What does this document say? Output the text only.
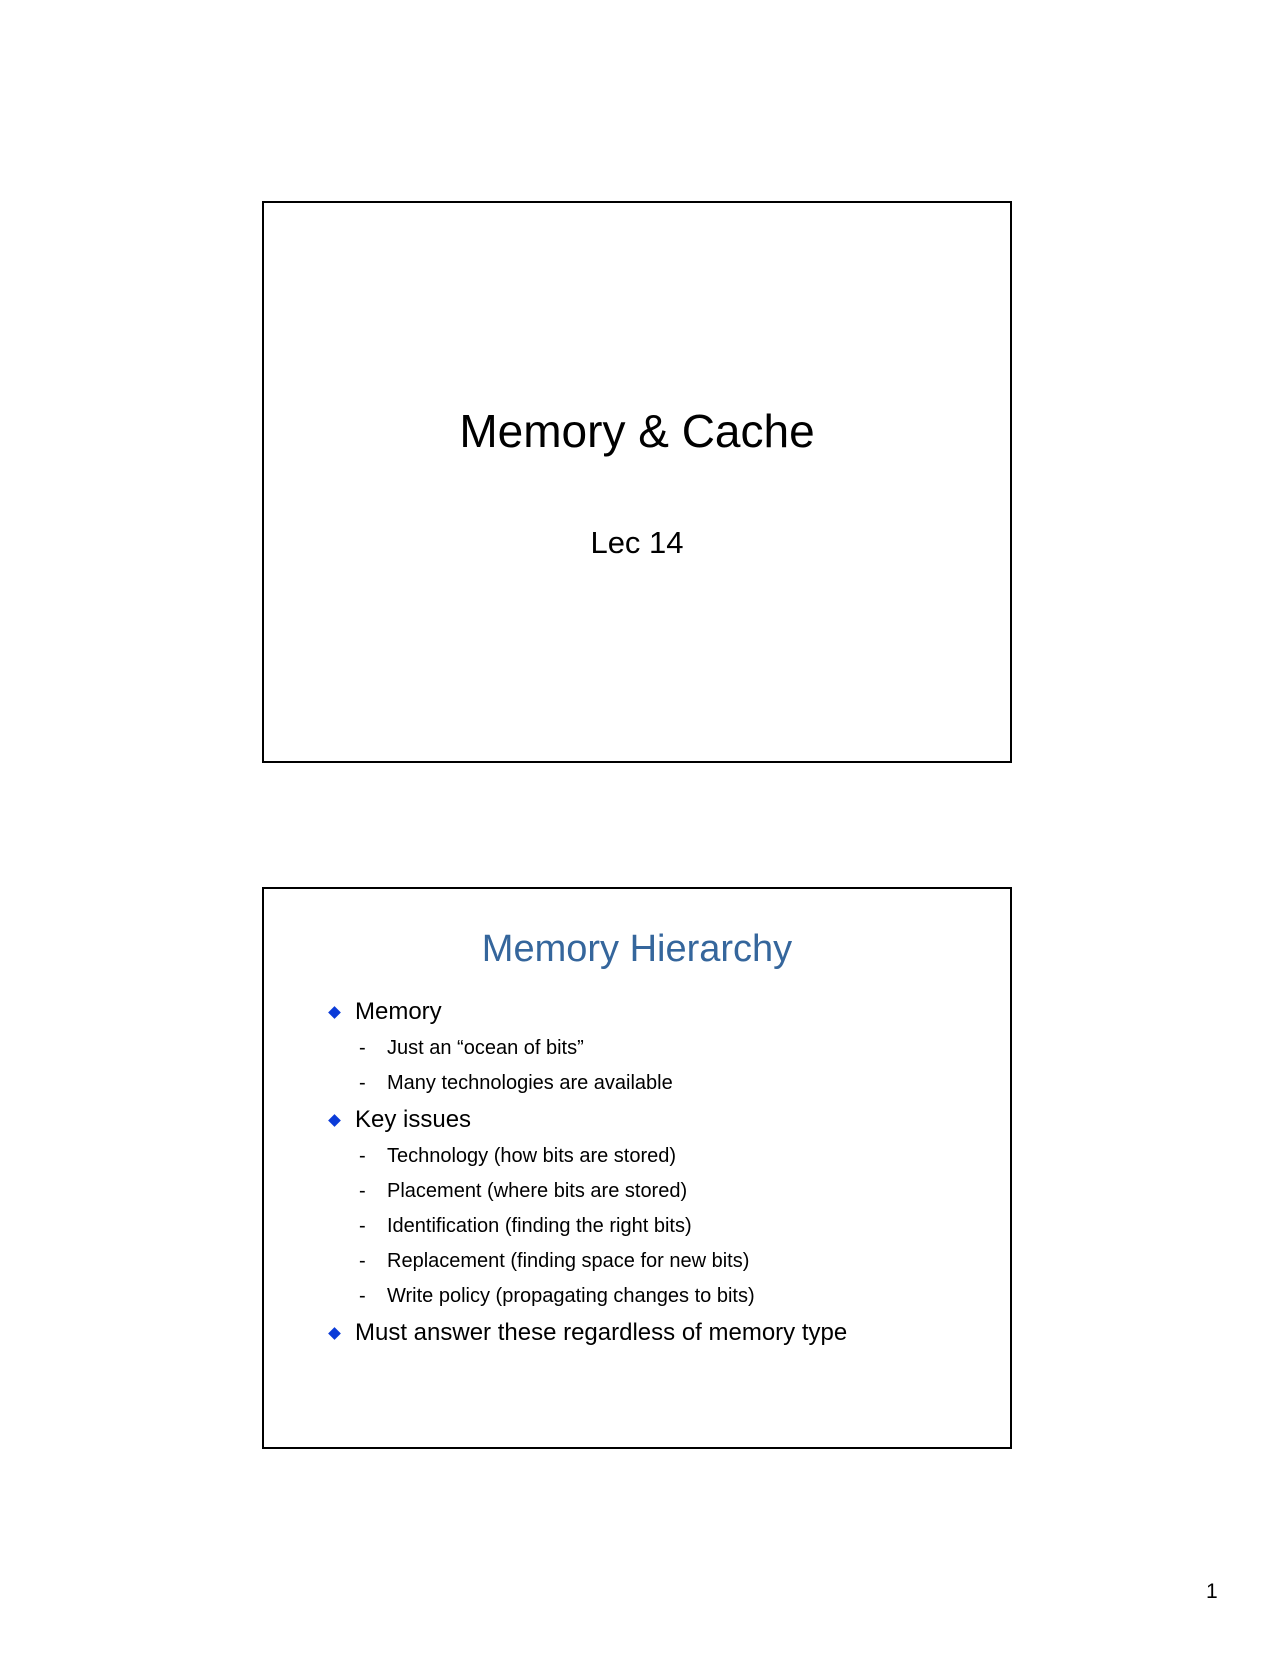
Memory & Cache
Lec 14
Memory Hierarchy
Memory
- Just an “ocean of bits”
- Many technologies are available
Key issues
- Technology (how bits are stored)
- Placement (where bits are stored)
- Identification (finding the right bits)
- Replacement (finding space for new bits)
- Write policy (propagating changes to bits)
Must answer these regardless of memory type
1
